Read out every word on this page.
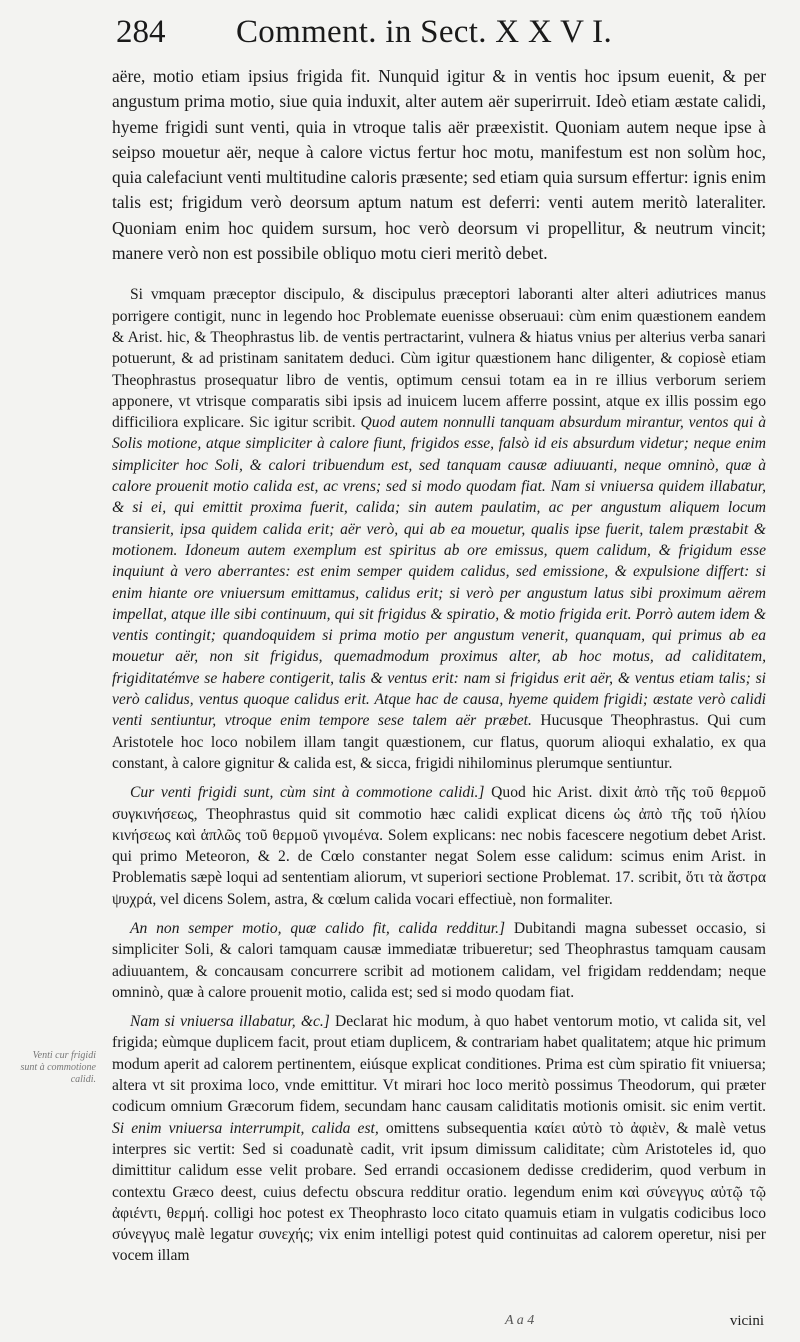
284	Comment. in Sect. X X V I.

aëre, motio etiam ipsius frigida fit. Nunquid igitur & in ventis hoc ipsum euenit, & per angustum prima motio, siue quia induxit, alter autem aër superirruit. Ideò etiam æstate calidi, hyeme frigidi sunt venti, quia in vtroque talis aër præexistit. Quoniam autem neque ipse à seipso mouetur aër, neque à calore victus fertur hoc motu, manifestum est non solùm hoc, quia calefaciunt venti multitudine caloris præsente; sed etiam quia sursum effertur: ignis enim talis est; frigidum verò deorsum aptum natum est deferri: venti autem meritò lateraliter. Quoniam enim hoc quidem sursum, hoc verò deorsum vi propellitur, & neutrum vincit; manere verò non est possibile obliquo motu cieri meritò debet.

Si vmquam præceptor discipulo, & discipulus præceptori laboranti alter alteri adiutrices manus porrigere contigit, nunc in legendo hoc Problemate euenisse obseruaui: cùm enim quæstionem eandem & Arist. hic, & Theophrastus lib. de ventis pertractarint, vulnera & hiatus vnius per alterius verba sanari potuerunt, & ad pristinam sanitatem deduci. Cùm igitur quæstionem hanc diligenter, & copiosè etiam Theophrastus prosequatur libro de ventis, optimum censui totam ea in re illius verborum seriem apponere, vt vtrisque comparatis sibi ipsis ad inuicem lucem afferre possint, atque ex illis possim ego difficiliora explicare. Sic igitur scribit. Quod autem nonnulli tanquam absurdum mirantur, ventos qui à Solis motione, atque simpliciter à calore fiunt, frigidos esse, falsò id eis absurdum videtur; neque enim simpliciter hoc Soli, & calori tribuendum est, sed tanquam causæ adiuuanti, neque omninò, quæ à calore prouenit motio calida est, ac vrens; sed si modo quodam fiat. Nam si vniuersa quidem illabatur, & si ei, qui emittit proxima fuerit, calida; sin autem paulatim, ac per angustum aliquem locum transierit, ipsa quidem calida erit; aër verò, qui ab ea mouetur, qualis ipse fuerit, talem præstabit & motionem. Idoneum autem exemplum est spiritus ab ore emissus, quem calidum, & frigidum esse inquiunt à vero aberrantes: est enim semper quidem calidus, sed emissione, & expulsione differt: si enim hiante ore vniuersum emittamus, calidus erit; si verò per angustum latus sibi proximum aërem impellat, atque ille sibi continuum, qui sit frigidus & spiratio, & motio frigida erit. Porrò autem idem & ventis contingit; quandoquidem si prima motio per angustum venerit, quanquam, qui primus ab ea mouetur aër, non sit frigidus, quemadmodum proximus alter, ab hoc motus, ad caliditatem, frigiditatémve se habere contigerit, talis & ventus erit: nam si frigidus erit aër, & ventus etiam talis; si verò calidus, ventus quoque calidus erit. Atque hac de causa, hyeme quidem frigidi; æstate verò calidi venti sentiuntur, vtroque enim tempore sese talem aër præbet. Hucusque Theophrastus. Qui cum Aristotele hoc loco nobilem illam tangit quæstionem, cur flatus, quorum alioqui exhalatio, ex qua constant, à calore gignitur & calida est, & sicca, frigidi nihilominus plerumque sentiuntur.

Cur venti frigidi sunt, cùm sint à commotione calidi.] Quod hic Arist. dixit ἀπὸ τῆς τοῦ θερμοῦ συγκινήσεως, Theophrastus quid sit commotio hæc calidi explicat dicens ὡς ἀπὸ τῆς τοῦ ἡλίου κινήσεως καὶ ἁπλῶς τοῦ θερμοῦ γινομένα. Solem explicans: nec nobis facescere negotium debet Arist. qui primo Meteoron, & 2. de Cœlo constanter negat Solem esse calidum: scimus enim Arist. in Problematis sæpè loqui ad sententiam aliorum, vt superiori sectione Problemat. 17. scribit, ὅτι τὰ ἄστρα ψυχρά, vel dicens Solem, astra, & cœlum calida vocari effectiuè, non formaliter.

An non semper motio, quæ calido fit, calida redditur.] Dubitandi magna subesset occasio, si simpliciter Soli, & calori tamquam causæ immediatæ tribueretur; sed Theophrastus tamquam causam adiuuantem, & concausam concurrere scribit ad motionem calidam, vel frigidam reddendam; neque omninò, quæ à calore prouenit motio, calida est; sed si modo quodam fiat.

Nam si vniuersa illabatur, &c.] Declarat hic modum, à quo habet ventorum motio, vt calida sit, vel frigida; eùmque duplicem facit, prout etiam duplicem, & contrariam habet qualitatem; atque hic primum modum aperit ad calorem pertinentem, eiúsque explicat conditiones. Prima est cùm spiratio fit vniuersa; altera vt sit proxima loco, vnde emittitur. Vt mirari hoc loco meritò possimus Theodorum, qui præter codicum omnium Græcorum fidem, secundam hanc causam caliditatis motionis omisit. sic enim vertit. Si enim vniuersa interrumpit, calida est, omittens subsequentia καίει αὐτὸ τὸ ἀφιὲν, & malè vetus interpres sic vertit: Sed si coadunatè cadit, vrit ipsum dimissum caliditate; cùm Aristoteles id, quo dimittitur calidum esse velit probare. Sed errandi occasionem dedisse crediderim, quod verbum in contextu Græco deest, cuius defectu obscura redditur oratio. legendum enim καὶ σύνεγγυς αὐτῷ τῷ ἀφιέντι, θερμή. colligi hoc potest ex Theophrasto loco citato quamuis etiam in vulgatis codicibus loco σύνεγγυς malè legatur συνεχής; vix enim intelligi potest quid continuitas ad calorem operetur, nisi per vocem illam

Venti cur frigidi sunt à commotione calidi.
A a 4	vicini
